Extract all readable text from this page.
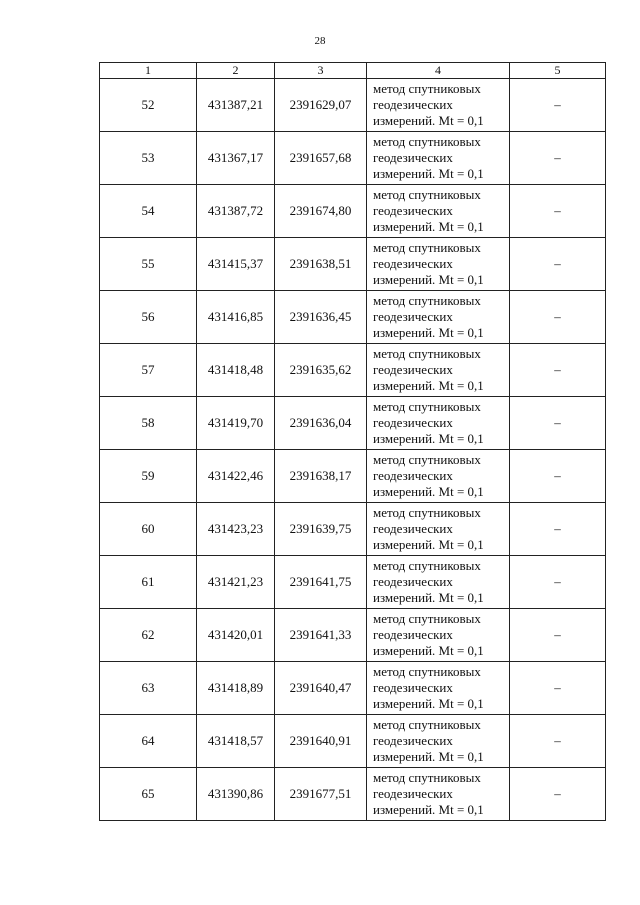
28
1	2	3	4	5
52	431387,21	2391629,07	метод спутниковых
геодезических
измерений. Mt = 0,1	–
53	431367,17	2391657,68	метод спутниковых
геодезических
измерений. Mt = 0,1	–
54	431387,72	2391674,80	метод спутниковых
геодезических
измерений. Mt = 0,1	–
55	431415,37	2391638,51	метод спутниковых
геодезических
измерений. Mt = 0,1	–
56	431416,85	2391636,45	метод спутниковых
геодезических
измерений. Mt = 0,1	–
57	431418,48	2391635,62	метод спутниковых
геодезических
измерений. Mt = 0,1	–
58	431419,70	2391636,04	метод спутниковых
геодезических
измерений. Mt = 0,1	–
59	431422,46	2391638,17	метод спутниковых
геодезических
измерений. Mt = 0,1	–
60	431423,23	2391639,75	метод спутниковых
геодезических
измерений. Mt = 0,1	–
61	431421,23	2391641,75	метод спутниковых
геодезических
измерений. Mt = 0,1	–
62	431420,01	2391641,33	метод спутниковых
геодезических
измерений. Mt = 0,1	–
63	431418,89	2391640,47	метод спутниковых
геодезических
измерений. Mt = 0,1	–
64	431418,57	2391640,91	метод спутниковых
геодезических
измерений. Mt = 0,1	–
65	431390,86	2391677,51	метод спутниковых
геодезических
измерений. Mt = 0,1	–
